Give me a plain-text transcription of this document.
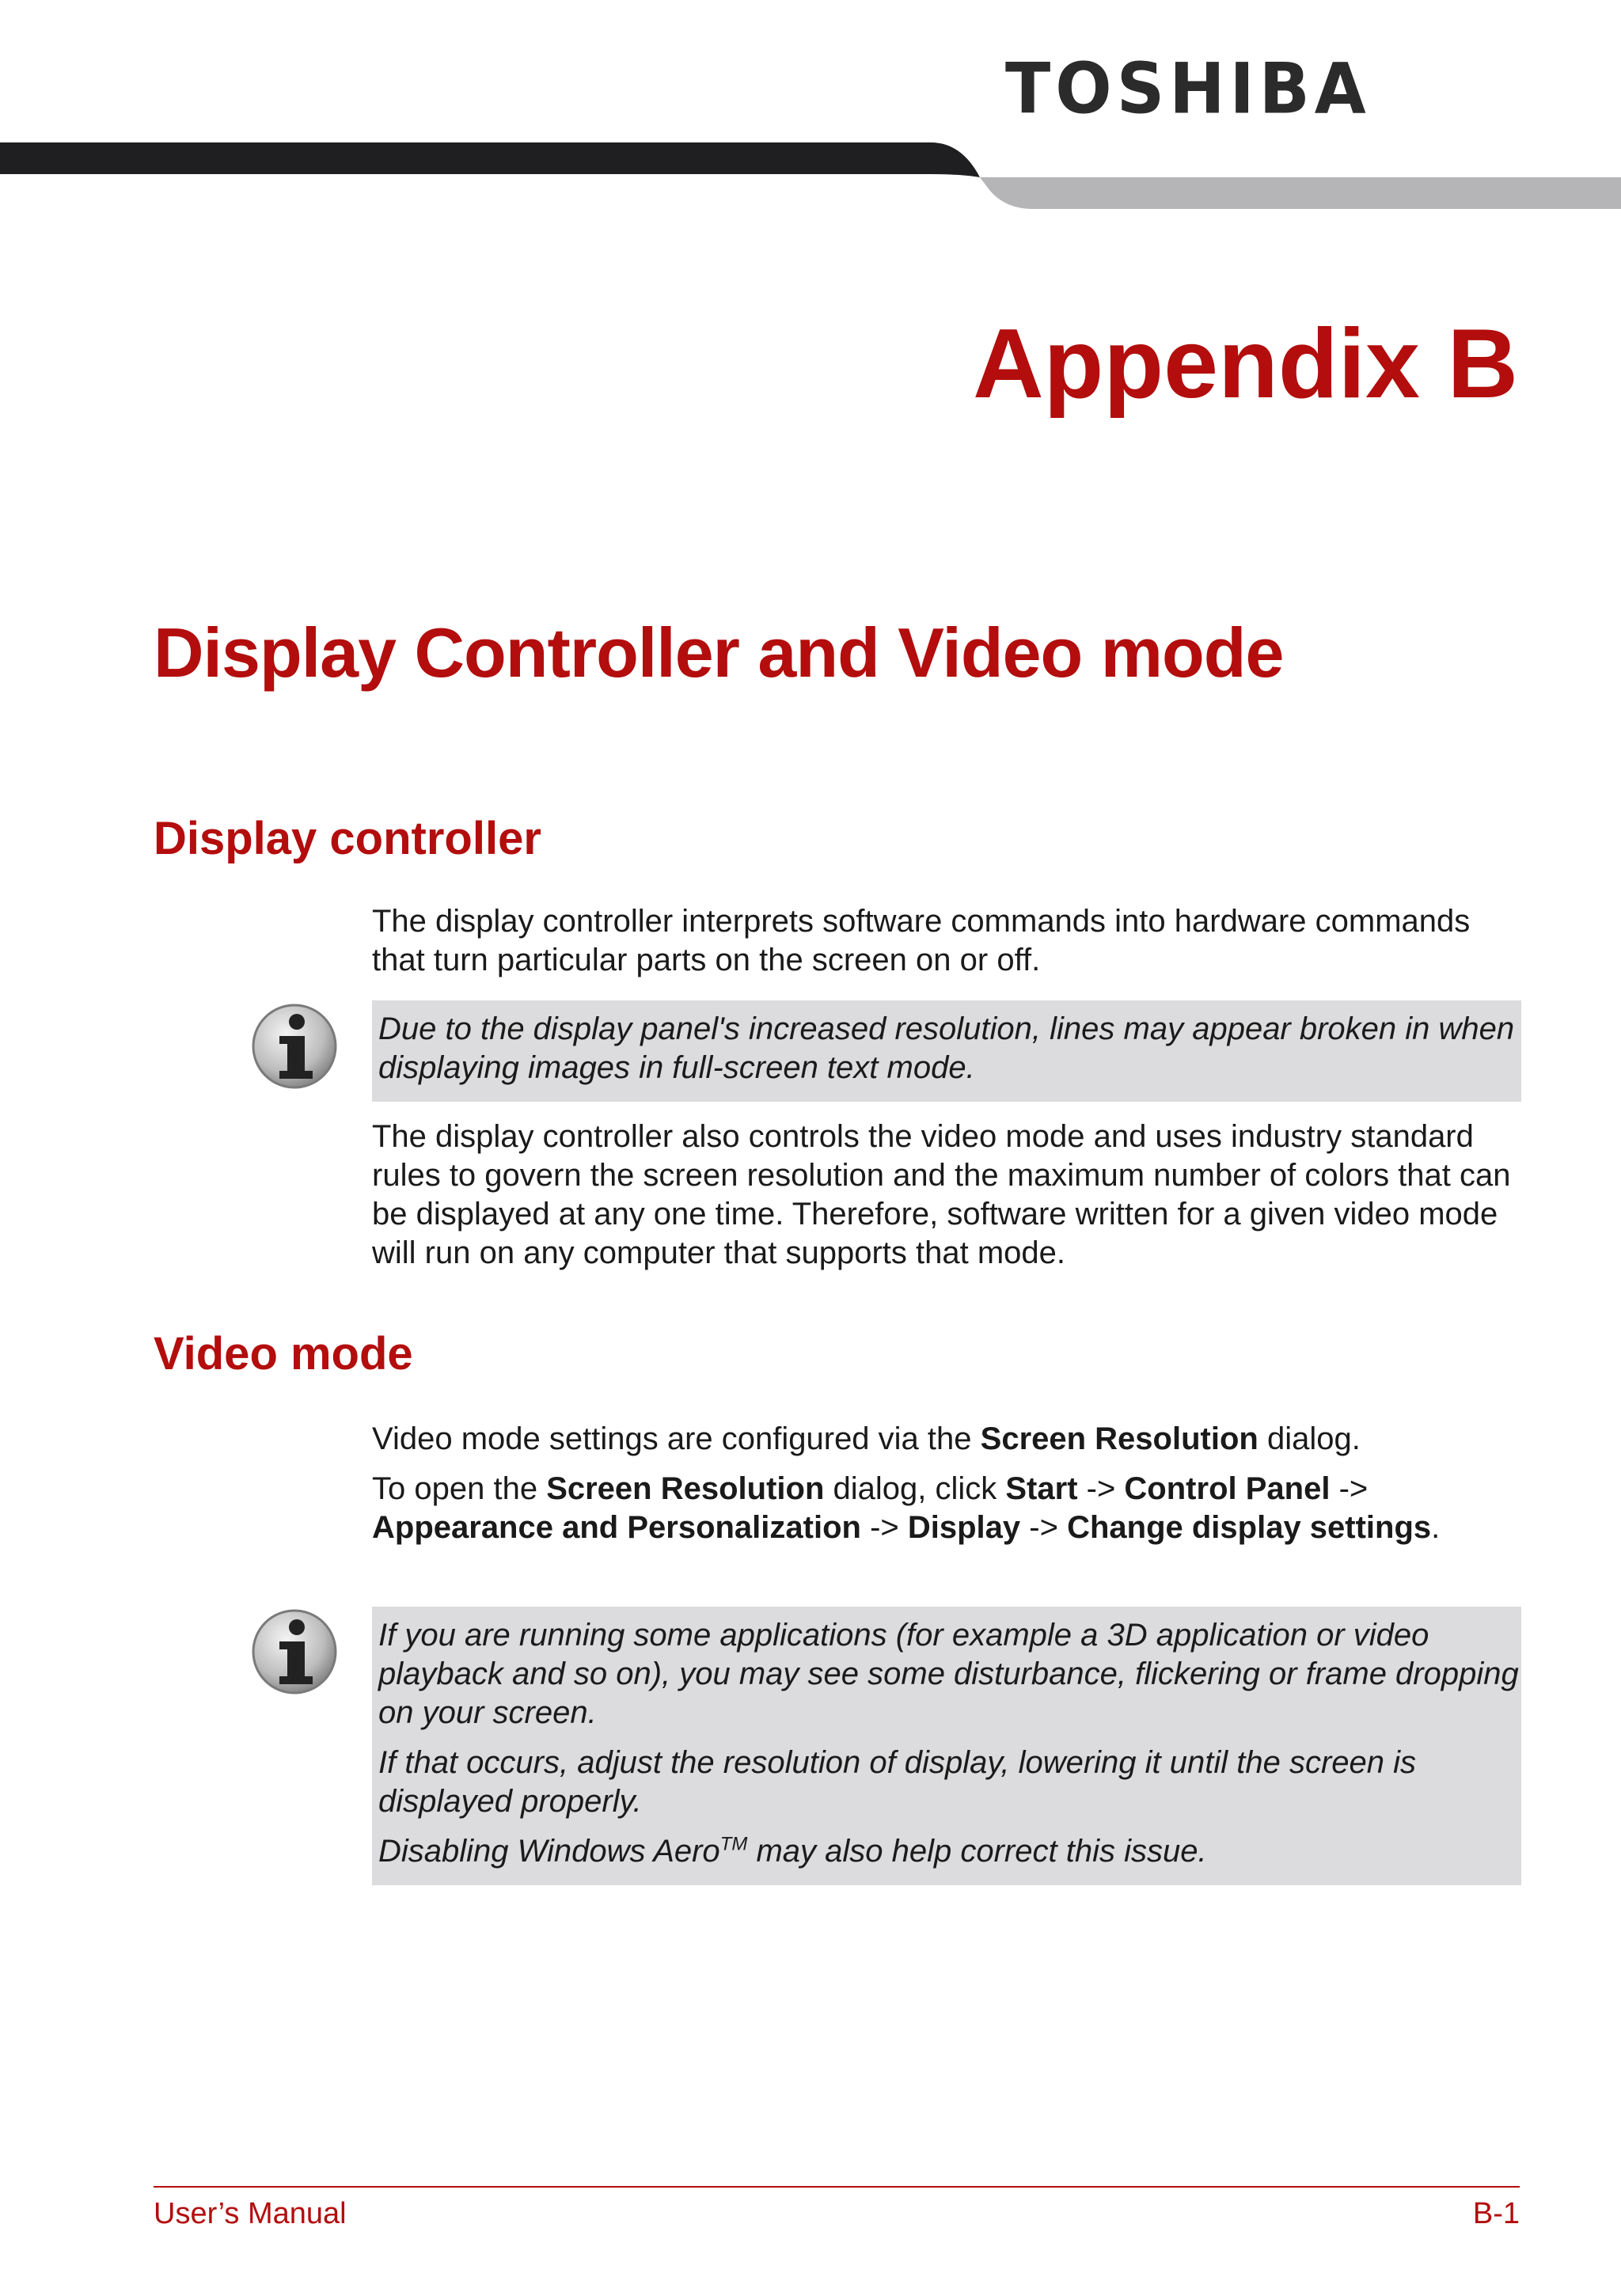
TOSHIBA
Appendix B
Display Controller and Video mode
Display controller

The display controller interprets software commands into hardware commands that turn particular parts on the screen on or off.

Due to the display panel's increased resolution, lines may appear broken in when displaying images in full-screen text mode.

The display controller also controls the video mode and uses industry standard rules to govern the screen resolution and the maximum number of colors that can be displayed at any one time. Therefore, software written for a given video mode will run on any computer that supports that mode.

Video mode

Video mode settings are configured via the Screen Resolution dialog.

To open the Screen Resolution dialog, click Start -> Control Panel -> Appearance and Personalization -> Display -> Change display settings.

If you are running some applications (for example a 3D application or video playback and so on), you may see some disturbance, flickering or frame dropping on your screen.

If that occurs, adjust the resolution of display, lowering it until the screen is displayed properly.

Disabling Windows Aero™ may also help correct this issue.

User’s Manual	B-1
